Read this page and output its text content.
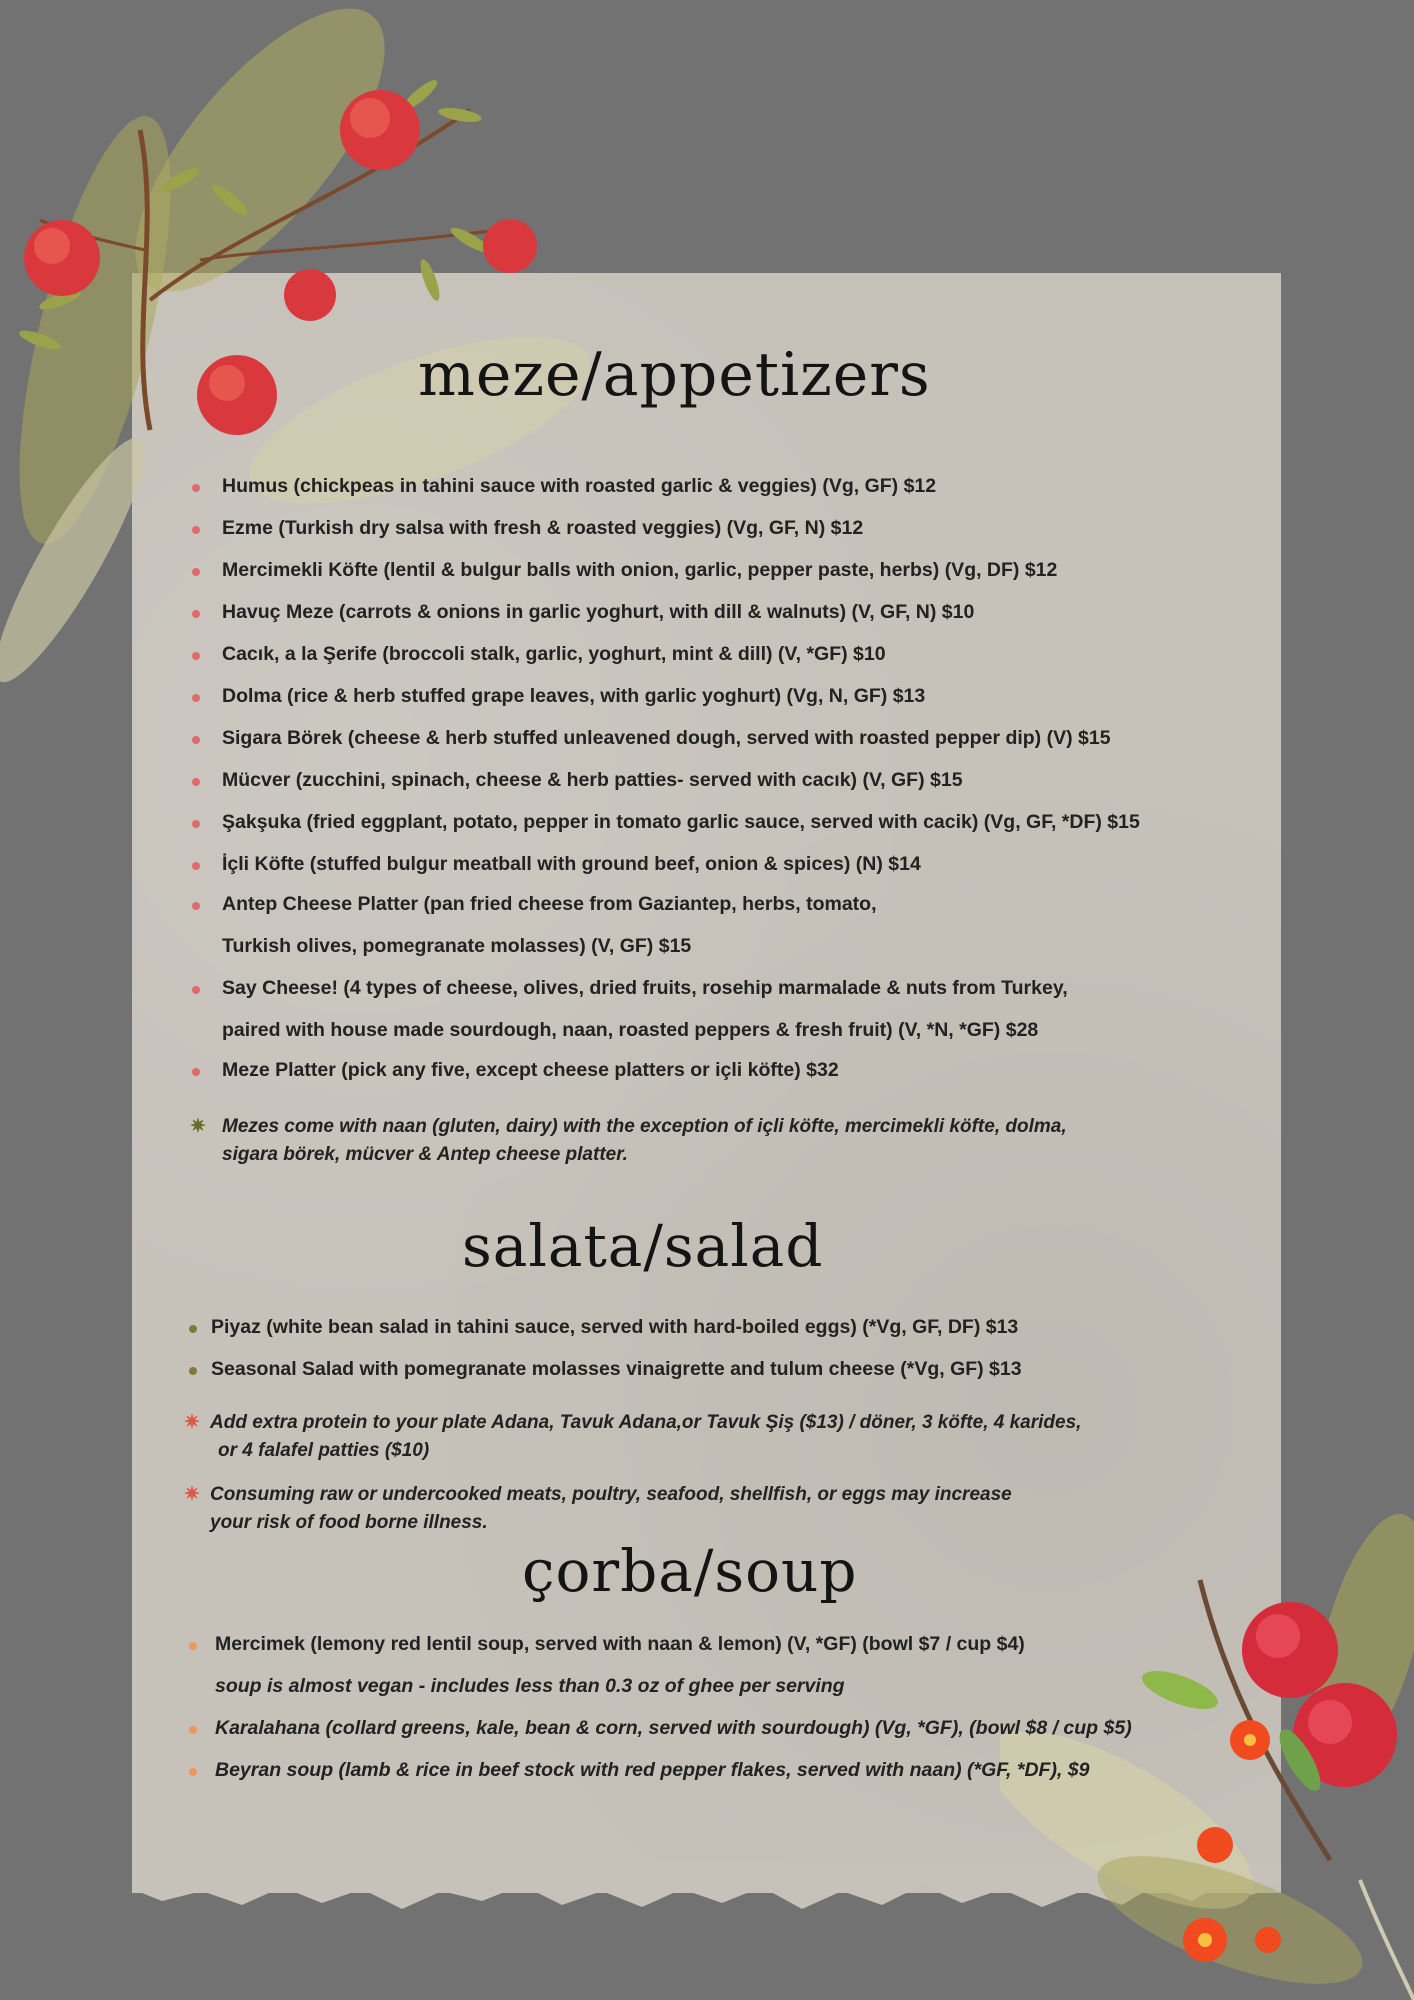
meze/appetizers
Humus (chickpeas in tahini sauce with roasted garlic & veggies) (Vg, GF) $12
Ezme (Turkish dry salsa with fresh & roasted veggies) (Vg, GF, N) $12
Mercimekli Köfte (lentil & bulgur balls with onion, garlic, pepper paste, herbs) (Vg, DF) $12
Havuç Meze (carrots & onions in garlic yoghurt, with dill & walnuts) (V, GF, N) $10
Cacık, a la Şerife (broccoli stalk, garlic, yoghurt, mint & dill) (V, *GF) $10
Dolma (rice & herb stuffed grape leaves, with garlic yoghurt) (Vg, N, GF) $13
Sigara Börek (cheese & herb stuffed unleavened dough, served with roasted pepper dip) (V) $15
Mücver (zucchini, spinach, cheese & herb patties- served with cacık) (V, GF) $15
Şakşuka (fried eggplant, potato, pepper in tomato garlic sauce, served with cacik) (Vg, GF, *DF) $15
İçli Köfte (stuffed bulgur meatball with ground beef, onion & spices) (N) $14
Antep Cheese Platter (pan fried cheese from Gaziantep, herbs, tomato,
Turkish olives, pomegranate molasses) (V, GF) $15
Say Cheese! (4 types of cheese, olives, dried fruits, rosehip marmalade & nuts from Turkey,
paired with house made sourdough, naan, roasted peppers & fresh fruit) (V, *N, *GF) $28
Meze Platter (pick any five, except cheese platters or içli köfte) $32
✷ Mezes come with naan (gluten, dairy) with the exception of içli köfte, mercimekli köfte, dolma,
sigara börek, mücver & Antep cheese platter.
salata/salad
Piyaz (white bean salad in tahini sauce, served with hard-boiled eggs) (*Vg, GF, DF) $13
Seasonal Salad with pomegranate molasses vinaigrette and tulum cheese (*Vg, GF) $13
✷ Add extra protein to your plate Adana, Tavuk Adana,or Tavuk Şiş ($13) / döner, 3 köfte, 4 karides,
or 4 falafel patties ($10)
✷ Consuming raw or undercooked meats, poultry, seafood, shellfish, or eggs may increase
your risk of food borne illness.
çorba/soup
Mercimek (lemony red lentil soup, served with naan & lemon) (V, *GF) (bowl $7 / cup $4)
soup is almost vegan - includes less than 0.3 oz of ghee per serving
Karalahana (collard greens, kale, bean & corn, served with sourdough) (Vg, *GF), (bowl $8 / cup $5)
Beyran soup (lamb & rice in beef stock with red pepper flakes, served with naan) (*GF, *DF), $9
